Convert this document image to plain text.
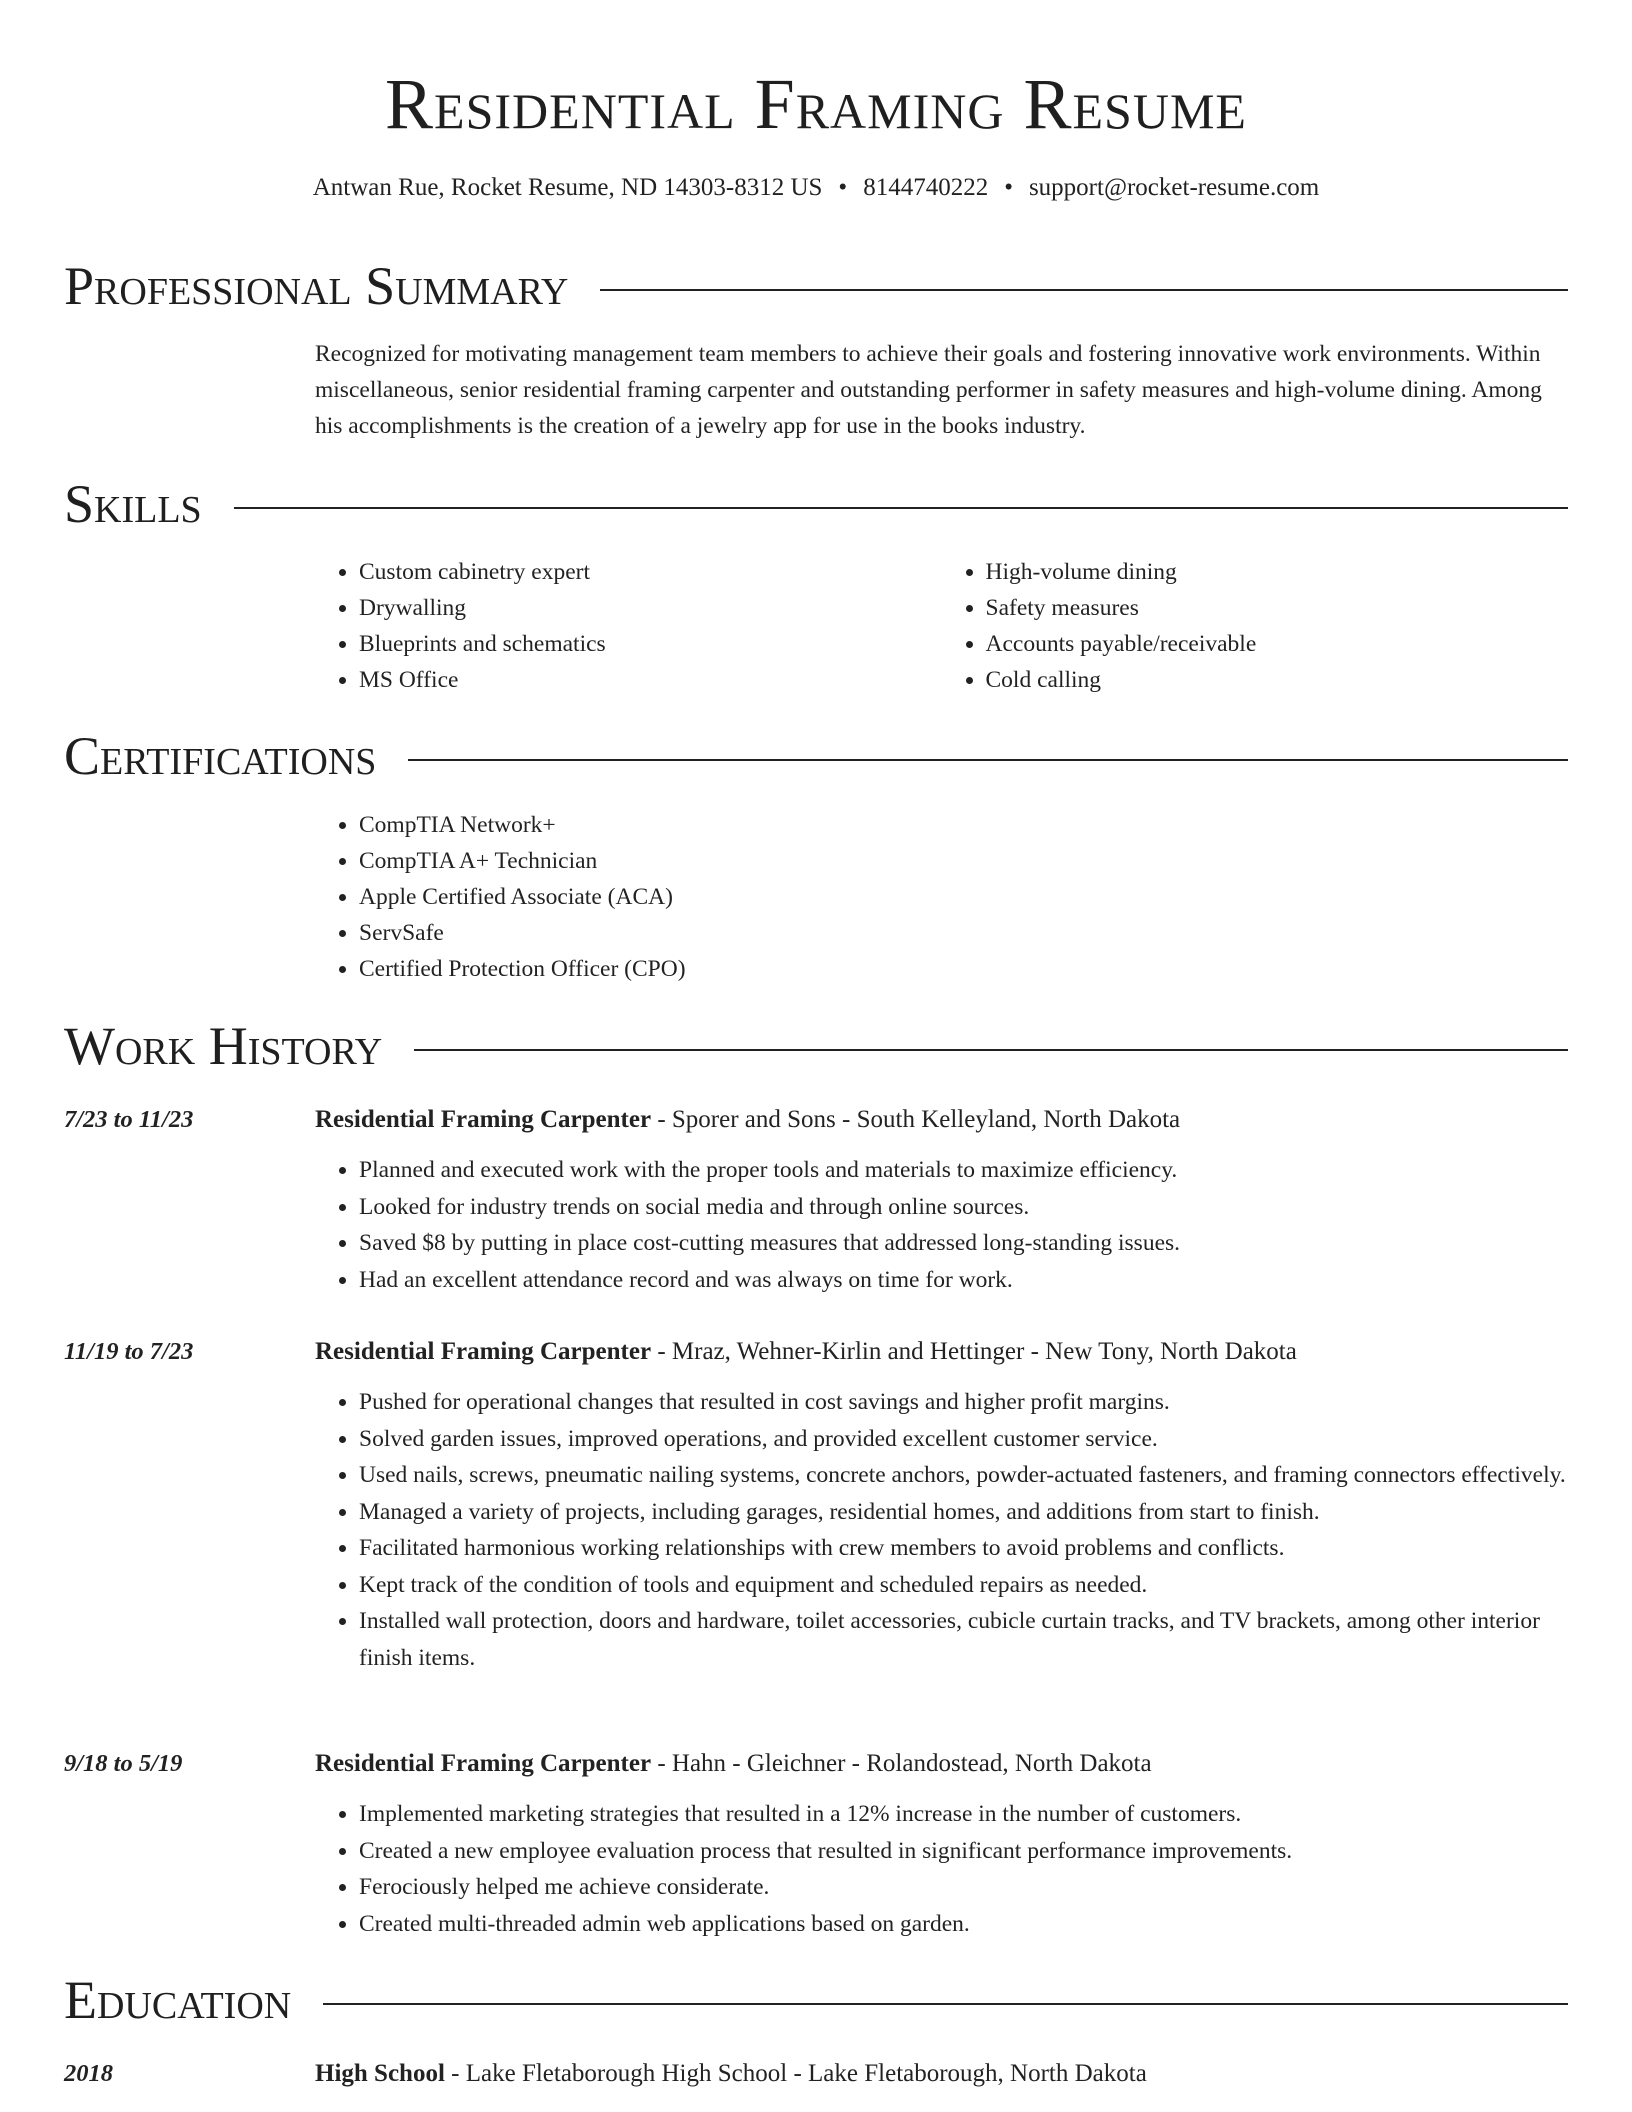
Residential Framing Resume
Antwan Rue, Rocket Resume, ND 14303-8312 US • 8144740222 • support@rocket-resume.com
Professional Summary
Recognized for motivating management team members to achieve their goals and fostering innovative work environments. Within miscellaneous, senior residential framing carpenter and outstanding performer in safety measures and high-volume dining. Among his accomplishments is the creation of a jewelry app for use in the books industry.
Skills
• Custom cabinetry expert
• Drywalling
• Blueprints and schematics
• MS Office
• High-volume dining
• Safety measures
• Accounts payable/receivable
• Cold calling
Certifications
• CompTIA Network+
• CompTIA A+ Technician
• Apple Certified Associate (ACA)
• ServSafe
• Certified Protection Officer (CPO)
Work History
7/23 to 11/23	Residential Framing Carpenter - Sporer and Sons - South Kelleyland, North Dakota
• Planned and executed work with the proper tools and materials to maximize efficiency.
• Looked for industry trends on social media and through online sources.
• Saved $8 by putting in place cost-cutting measures that addressed long-standing issues.
• Had an excellent attendance record and was always on time for work.
11/19 to 7/23	Residential Framing Carpenter - Mraz, Wehner-Kirlin and Hettinger - New Tony, North Dakota
• Pushed for operational changes that resulted in cost savings and higher profit margins.
• Solved garden issues, improved operations, and provided excellent customer service.
• Used nails, screws, pneumatic nailing systems, concrete anchors, powder-actuated fasteners, and framing connectors effectively.
• Managed a variety of projects, including garages, residential homes, and additions from start to finish.
• Facilitated harmonious working relationships with crew members to avoid problems and conflicts.
• Kept track of the condition of tools and equipment and scheduled repairs as needed.
• Installed wall protection, doors and hardware, toilet accessories, cubicle curtain tracks, and TV brackets, among other interior finish items.
9/18 to 5/19	Residential Framing Carpenter - Hahn - Gleichner - Rolandostead, North Dakota
• Implemented marketing strategies that resulted in a 12% increase in the number of customers.
• Created a new employee evaluation process that resulted in significant performance improvements.
• Ferociously helped me achieve considerate.
• Created multi-threaded admin web applications based on garden.
Education
2018	High School - Lake Fletaborough High School - Lake Fletaborough, North Dakota
